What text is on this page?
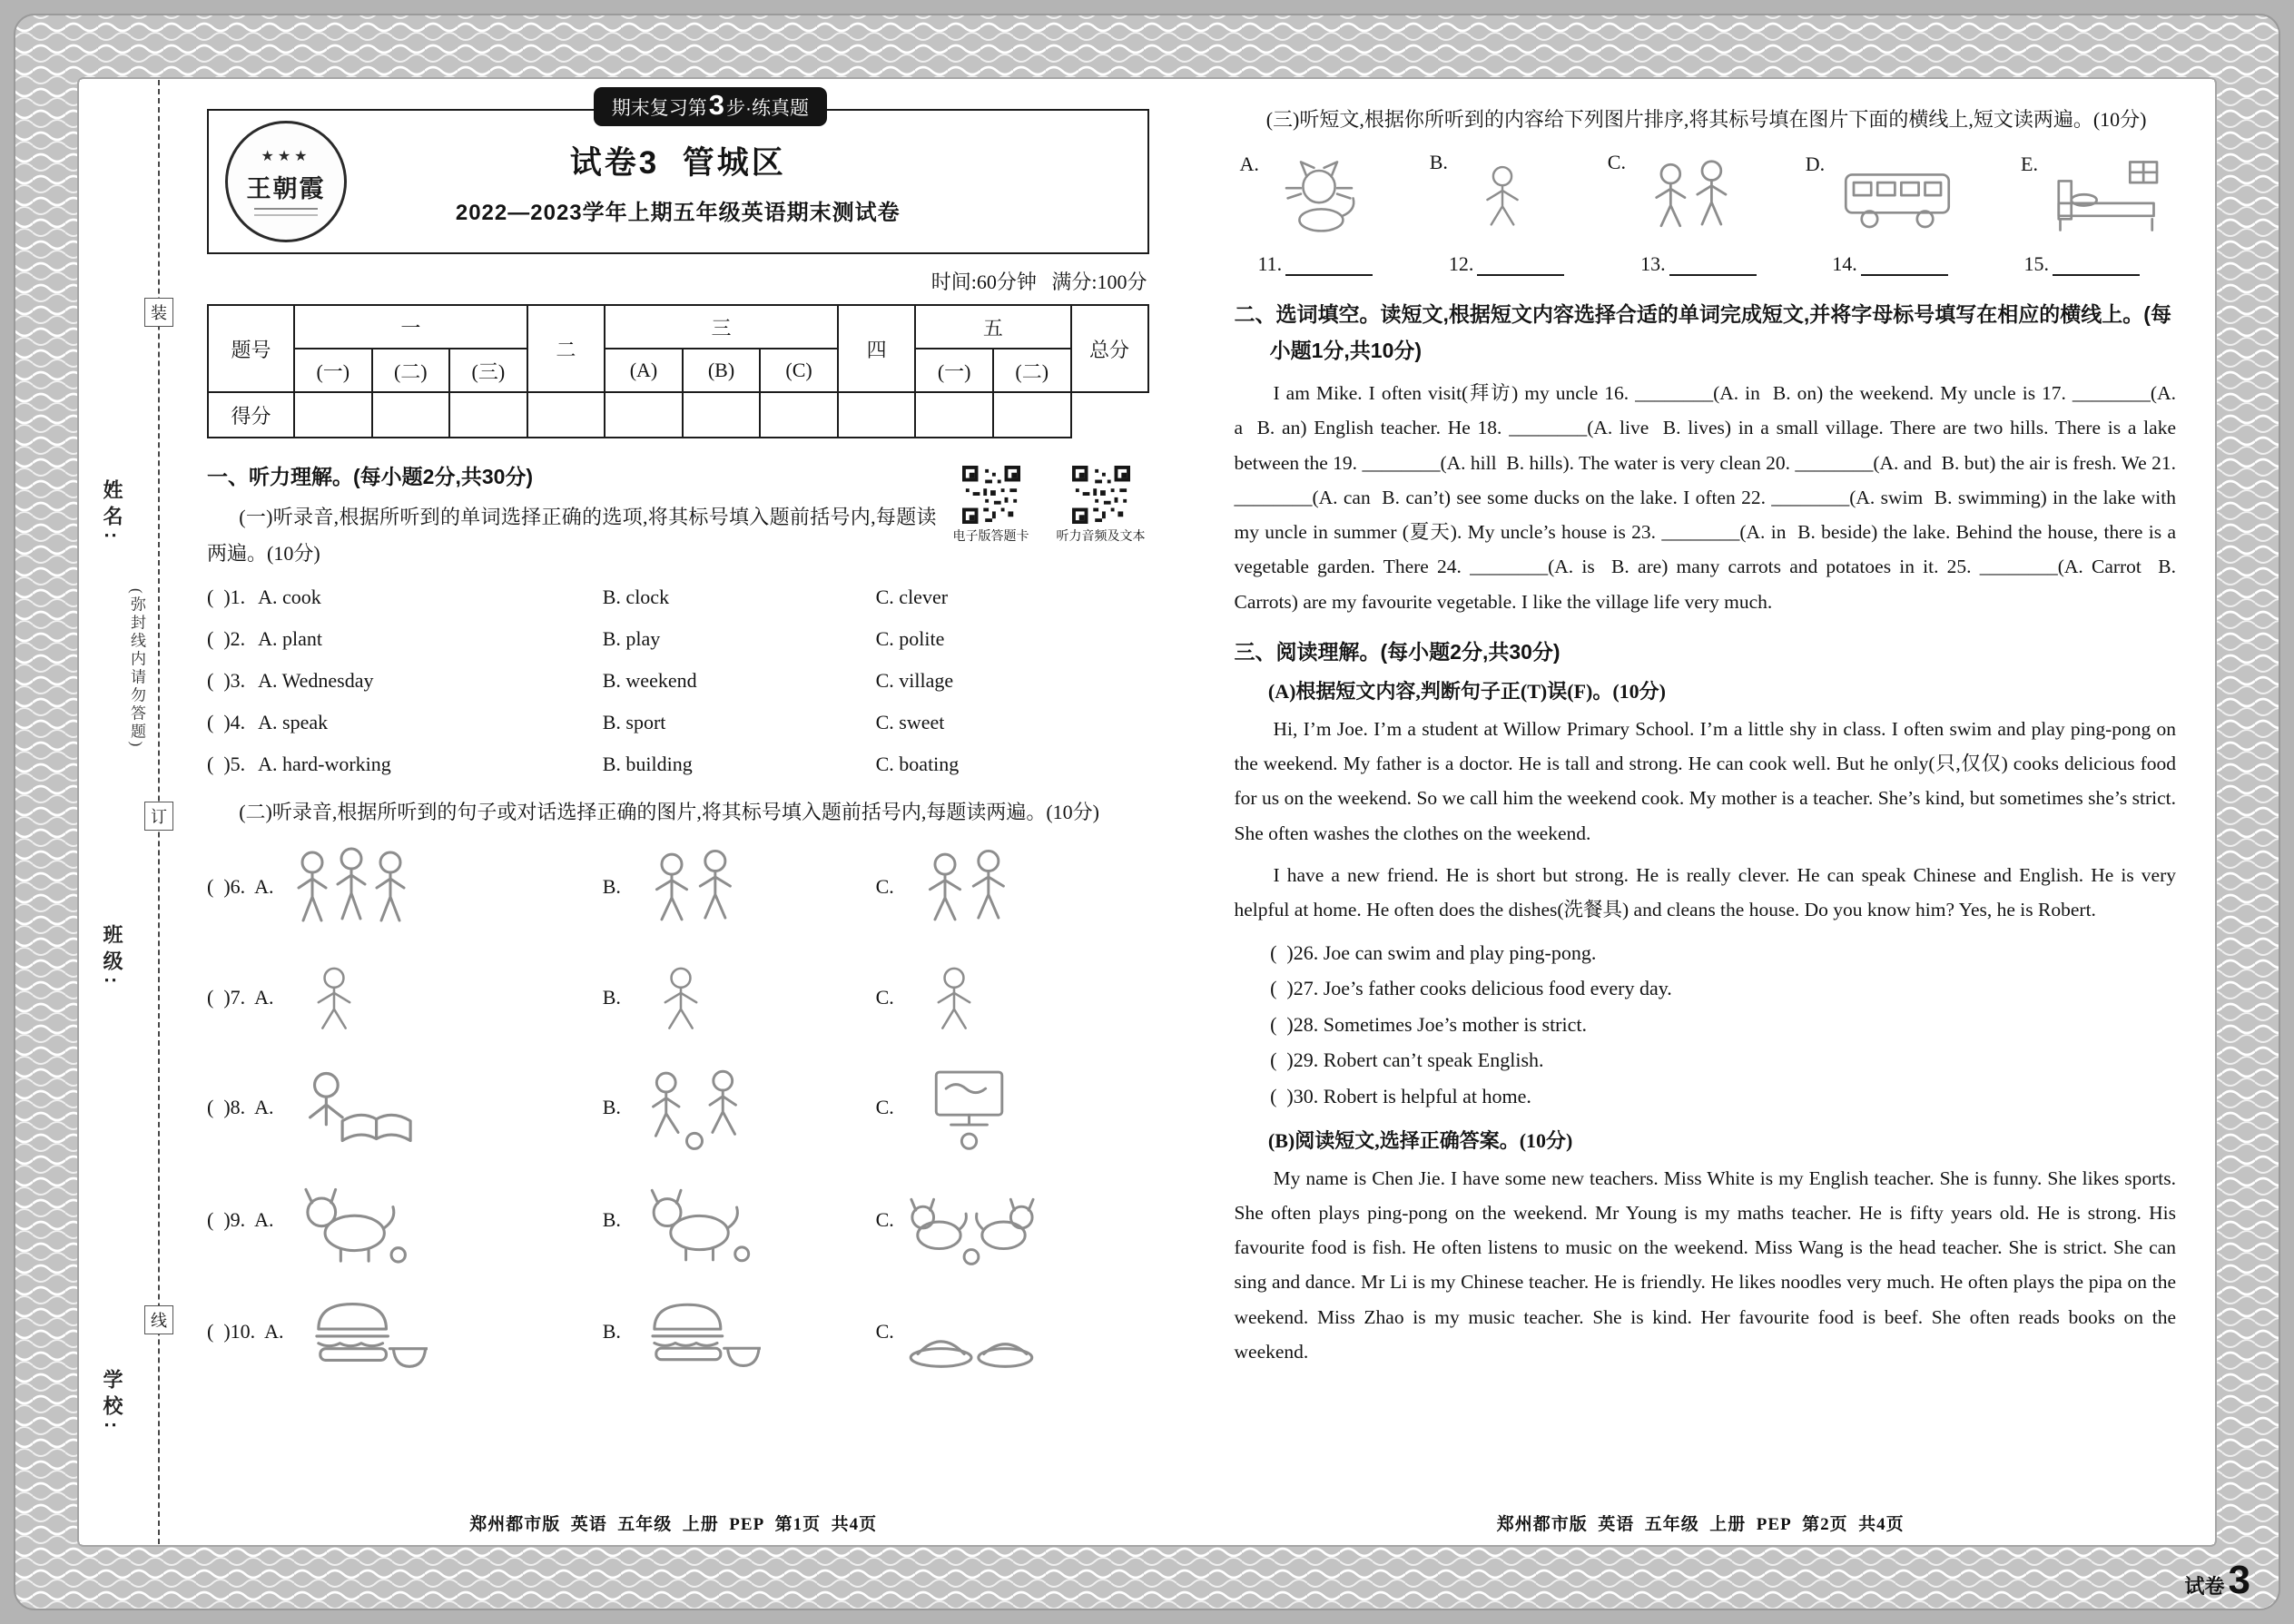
姓名:
(弥封线内请勿答题)
班级:
学校:
装
订
线
期末复习第 3 步·练真题
★★★
王朝霞
试卷3  管城区
2022—2023学年上期五年级英语期末测试卷
时间:60分钟   满分:100分
题号	一			二	三			四	五		总分
	(一)	(二)	(三)		(A)	(B)	(C)		(一)	(二)	
得分											
电子版答题卡 听力音频及文本
一、听力理解。(每小题2分,共30分)

(一)听录音,根据所听到的单词选择正确的选项,将其标号填入题前括号内,每题读两遍。(10分)

(  )1. A. cook	B. clock	C. clever
(  )2. A. plant	B. play	C. polite
(  )3. A. Wednesday	B. weekend	C. village
(  )4. A. speak	B. sport	C. sweet
(  )5. A. hard-working	B. building	C. boating

(二)听录音,根据所听到的句子或对话选择正确的图片,将其标号填入题前括号内,每题读两遍。(10分)

(  )6. A.	B.	C.
(  )7. A.	B.	C.
(  )8. A.	B.	C.
(  )9. A.	B.	C.
(  )10. A.	B.	C.
郑州都市版  英语  五年级  上册  PEP  第1页  共4页

(三)听短文,根据你所听到的内容给下列图片排序,将其标号填在图片下面的横线上,短文读两遍。(10分)

A.	B.	C.	D.	E.
11.	12.	13.	14.	15.
二、选词填空。读短文,根据短文内容选择合适的单词完成短文,并将字母标号填写在相应的横线上。(每小题1分,共10分)

I am Mike. I often visit(拜访) my uncle 16. ________(A. in  B. on) the weekend. My uncle is 17. ________(A. a  B. an) English teacher. He 18. ________(A. live  B. lives) in a small village. There are two hills. There is a lake between the 19. ________(A. hill  B. hills). The water is very clean 20. ________(A. and  B. but) the air is fresh. We 21. ________(A. can  B. can’t) see some ducks on the lake. I often 22. ________(A. swim  B. swimming) in the lake with my uncle in summer (夏天). My uncle’s house is 23. ________(A. in  B. beside) the lake. Behind the house, there is a vegetable garden. There 24. ________(A. is  B. are) many carrots and potatoes in it. 25. ________(A. Carrot  B. Carrots) are my favourite vegetable. I like the village life very much.

三、阅读理解。(每小题2分,共30分)
(A)根据短文内容,判断句子正(T)误(F)。(10分)

Hi, I’m Joe. I’m a student at Willow Primary School. I’m a little shy in class. I often swim and play ping-pong on the weekend. My father is a doctor. He is tall and strong. He can cook well. But he only(只,仅仅) cooks delicious food for us on the weekend. So we call him the weekend cook. My mother is a teacher. She’s kind, but sometimes she’s strict. She often washes the clothes on the weekend.

I have a new friend. He is short but strong. He is really clever. He can speak Chinese and English. He is very helpful at home. He often does the dishes(洗餐具) and cleans the house. Do you know him? Yes, he is Robert.

(  )26. Joe can swim and play ping-pong.
(  )27. Joe’s father cooks delicious food every day.
(  )28. Sometimes Joe’s mother is strict.
(  )29. Robert can’t speak English.
(  )30. Robert is helpful at home.
(B)阅读短文,选择正确答案。(10分)

My name is Chen Jie. I have some new teachers. Miss White is my English teacher. She is funny. She likes sports. She often plays ping-pong on the weekend. Mr Young is my maths teacher. He is fifty years old. He is strong. His favourite food is fish. He often listens to music on the weekend. Miss Wang is the head teacher. She is strict. She can sing and dance. Mr Li is my Chinese teacher. He is friendly. He likes noodles very much. He often plays the pipa on the weekend. Miss Zhao is my music teacher. She is kind. Her favourite food is beef. She often reads books on the weekend.

郑州都市版  英语  五年级  上册  PEP  第2页  共4页
试卷 3
